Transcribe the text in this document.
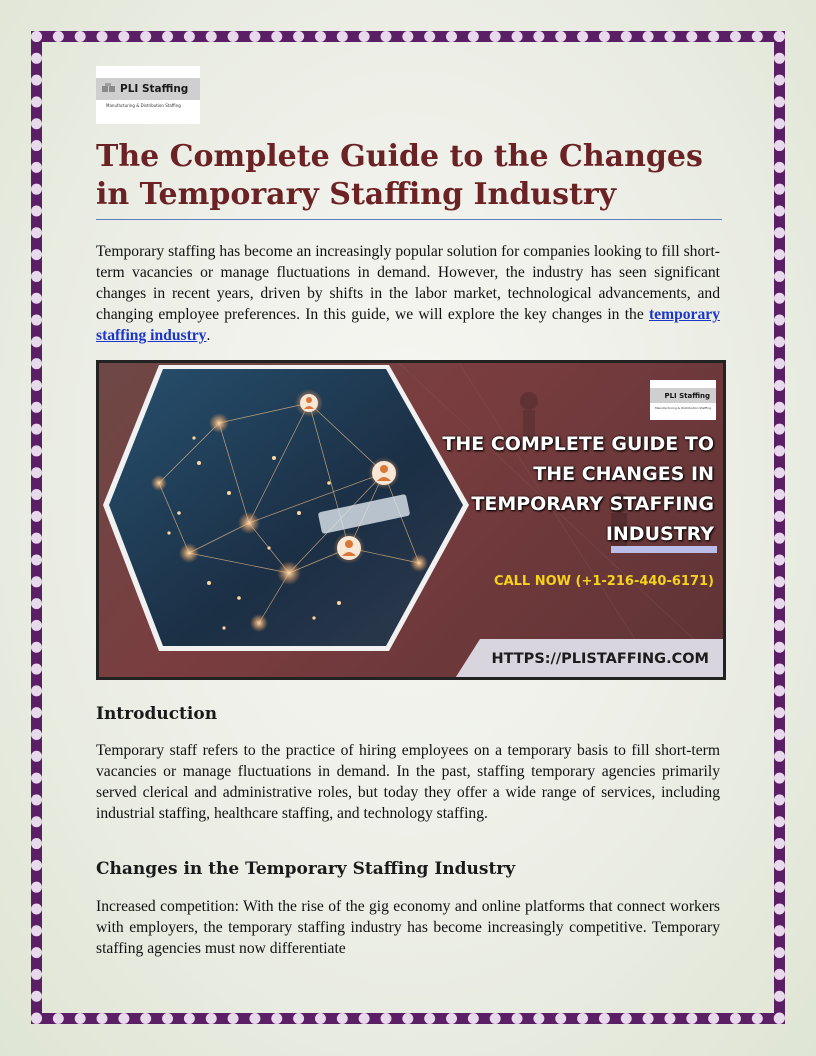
PLI Staffing
Manufacturing & Distribution Staffing
The Complete Guide to the Changes in Temporary Staffing Industry

Temporary staffing has become an increasingly popular solution for companies looking to fill short-term vacancies or manage fluctuations in demand. However, the industry has seen significant changes in recent years, driven by shifts in the labor market, technological advancements, and changing employee preferences. In this guide, we will explore the key changes in the temporary staffing industry.

PLI Staffing
Manufacturing & Distribution Staffing
THE COMPLETE GUIDE TO
THE CHANGES IN
TEMPORARY STAFFING
INDUSTRY
CALL NOW (+1-216-440-6171)
HTTPS://PLISTAFFING.COM
Introduction

Temporary staff refers to the practice of hiring employees on a temporary basis to fill short-term vacancies or manage fluctuations in demand. In the past, staffing temporary agencies primarily served clerical and administrative roles, but today they offer a wide range of services, including industrial staffing, healthcare staffing, and technology staffing.

Changes in the Temporary Staffing Industry

Increased competition: With the rise of the gig economy and online platforms that connect workers with employers, the temporary staffing industry has become increasingly competitive. Temporary staffing agencies must now differentiate
